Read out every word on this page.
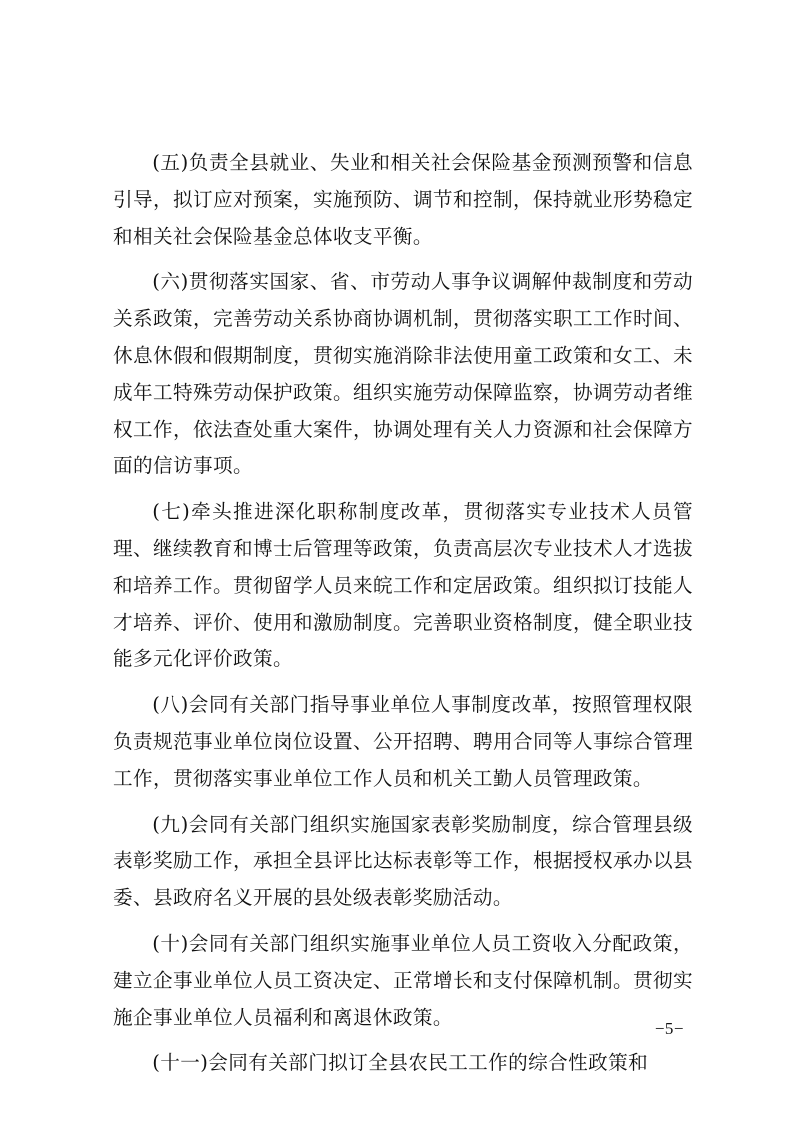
(五)负责全县就业、失业和相关社会保险基金预测预警和信息引导，拟订应对预案，实施预防、调节和控制，保持就业形势稳定和相关社会保险基金总体收支平衡。

(六)贯彻落实国家、省、市劳动人事争议调解仲裁制度和劳动关系政策，完善劳动关系协商协调机制，贯彻落实职工工作时间、休息休假和假期制度，贯彻实施消除非法使用童工政策和女工、未成年工特殊劳动保护政策。组织实施劳动保障监察，协调劳动者维权工作，依法查处重大案件，协调处理有关人力资源和社会保障方面的信访事项。

(七)牵头推进深化职称制度改革，贯彻落实专业技术人员管理、继续教育和博士后管理等政策，负责高层次专业技术人才选拔和培养工作。贯彻留学人员来皖工作和定居政策。组织拟订技能人才培养、评价、使用和激励制度。完善职业资格制度，健全职业技能多元化评价政策。

(八)会同有关部门指导事业单位人事制度改革，按照管理权限负责规范事业单位岗位设置、公开招聘、聘用合同等人事综合管理工作，贯彻落实事业单位工作人员和机关工勤人员管理政策。

(九)会同有关部门组织实施国家表彰奖励制度，综合管理县级表彰奖励工作，承担全县评比达标表彰等工作，根据授权承办以县委、县政府名义开展的县处级表彰奖励活动。

(十)会同有关部门组织实施事业单位人员工资收入分配政策，建立企事业单位人员工资决定、正常增长和支付保障机制。贯彻实施企事业单位人员福利和离退休政策。

(十一)会同有关部门拟订全县农民工工作的综合性政策和

−5−
